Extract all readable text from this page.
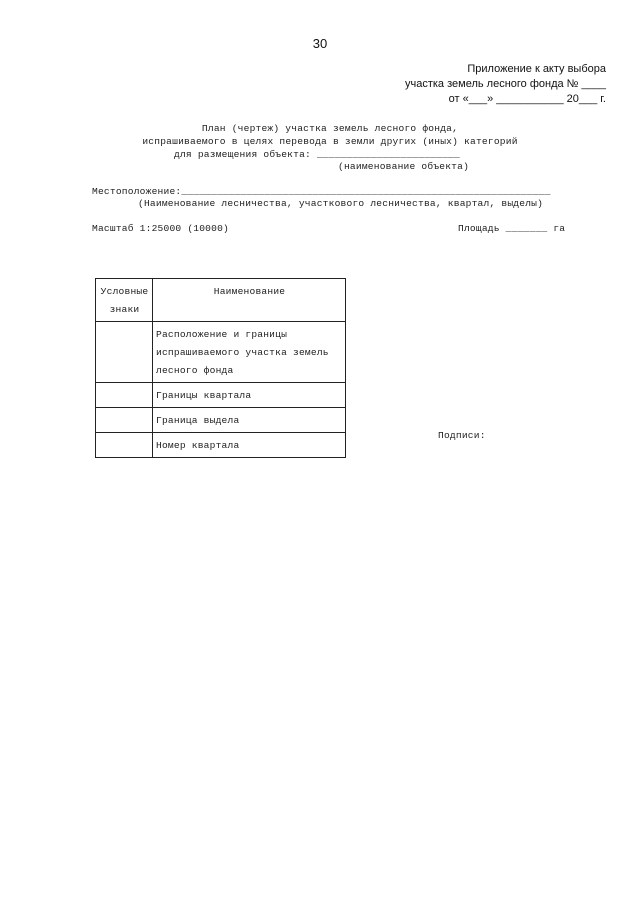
30
Приложение к акту выбора
участка земель лесного фонда № ____
от «___» ___________ 20___ г.
План (чертеж) участка земель лесного фонда,
испрашиваемого в целях перевода в земли других (иных) категорий
для размещения объекта: ________________________
(наименование объекта)
Местоположение:______________________________________________________________
(Наименование лесничества, участкового лесничества, квартал, выделы)
Масштаб 1:25000 (10000)	Площадь _______ га
Условные
знаки	Наименование
	Расположение и границы испрашиваемого участка земель лесного фонда
	Границы квартала
	Граница выдела
	Номер квартала
Подписи:
